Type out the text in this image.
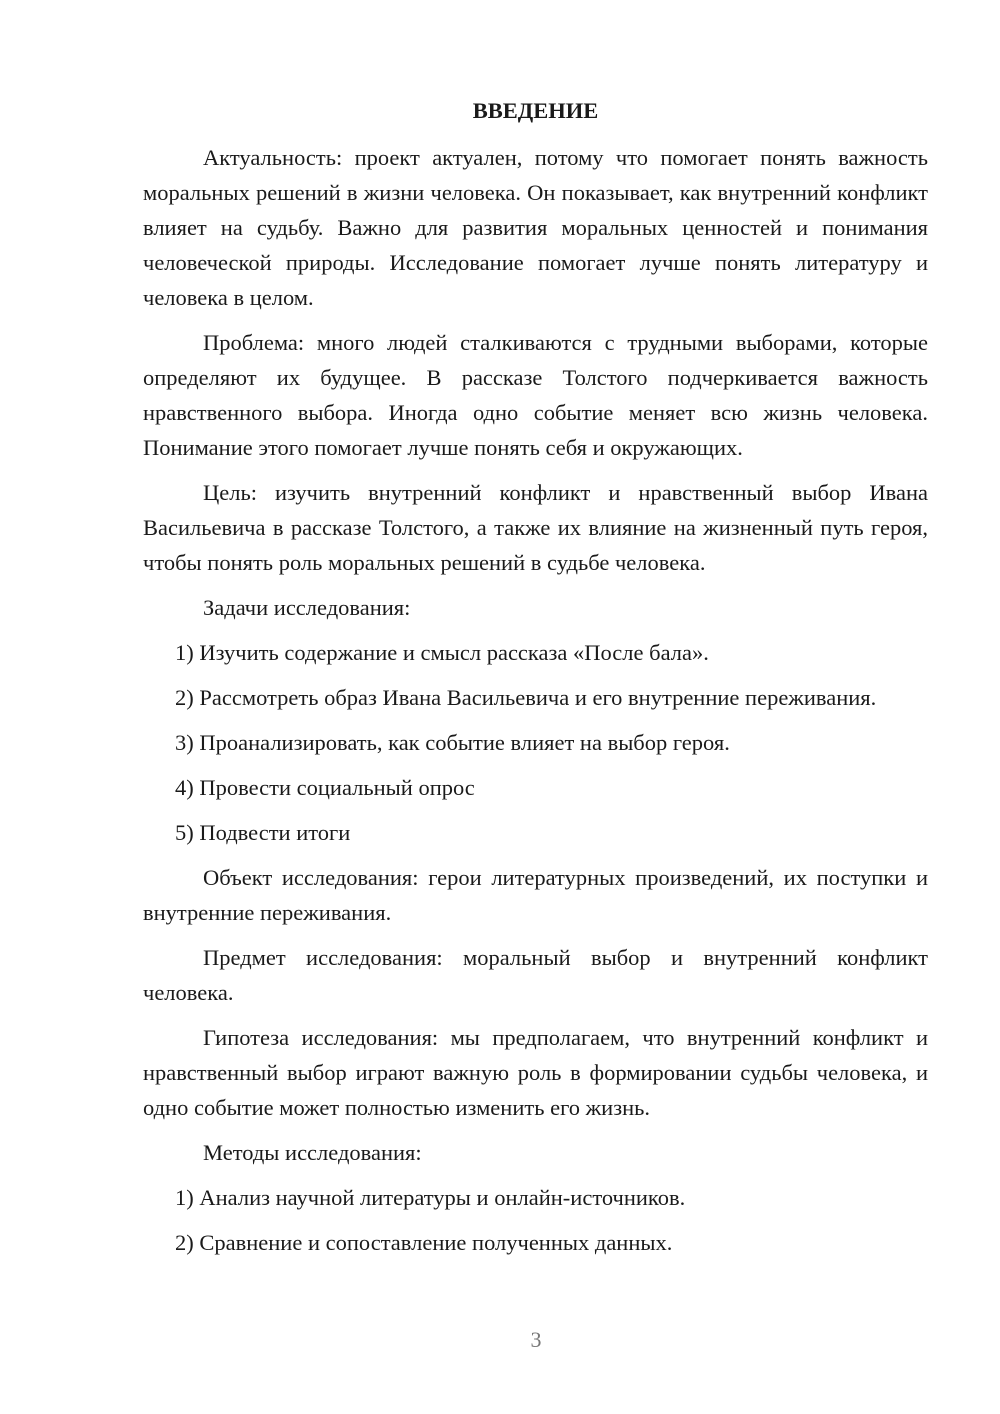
ВВЕДЕНИЕ

Актуальность: проект актуален, потому что помогает понять важность моральных решений в жизни человека. Он показывает, как внутренний конфликт влияет на судьбу. Важно для развития моральных ценностей и понимания человеческой природы. Исследование помогает лучше понять литературу и человека в целом.

Проблема: много людей сталкиваются с трудными выборами, которые определяют их будущее. В рассказе Толстого подчеркивается важность нравственного выбора. Иногда одно событие меняет всю жизнь человека. Понимание этого помогает лучше понять себя и окружающих.

Цель: изучить внутренний конфликт и нравственный выбор Ивана Васильевича в рассказе Толстого, а также их влияние на жизненный путь героя, чтобы понять роль моральных решений в судьбе человека.

Задачи исследования:

1) Изучить содержание и смысл рассказа «После бала».

2) Рассмотреть образ Ивана Васильевича и его внутренние переживания.

3) Проанализировать, как событие влияет на выбор героя.

4) Провести социальный опрос

5) Подвести итоги

Объект исследования: герои литературных произведений, их поступки и внутренние переживания.

Предмет исследования: моральный выбор и внутренний конфликт человека.

Гипотеза исследования: мы предполагаем, что внутренний конфликт и нравственный выбор играют важную роль в формировании судьбы человека, и одно событие может полностью изменить его жизнь.

Методы исследования:

1) Анализ научной литературы и онлайн-источников.

2) Сравнение и сопоставление полученных данных.

3
